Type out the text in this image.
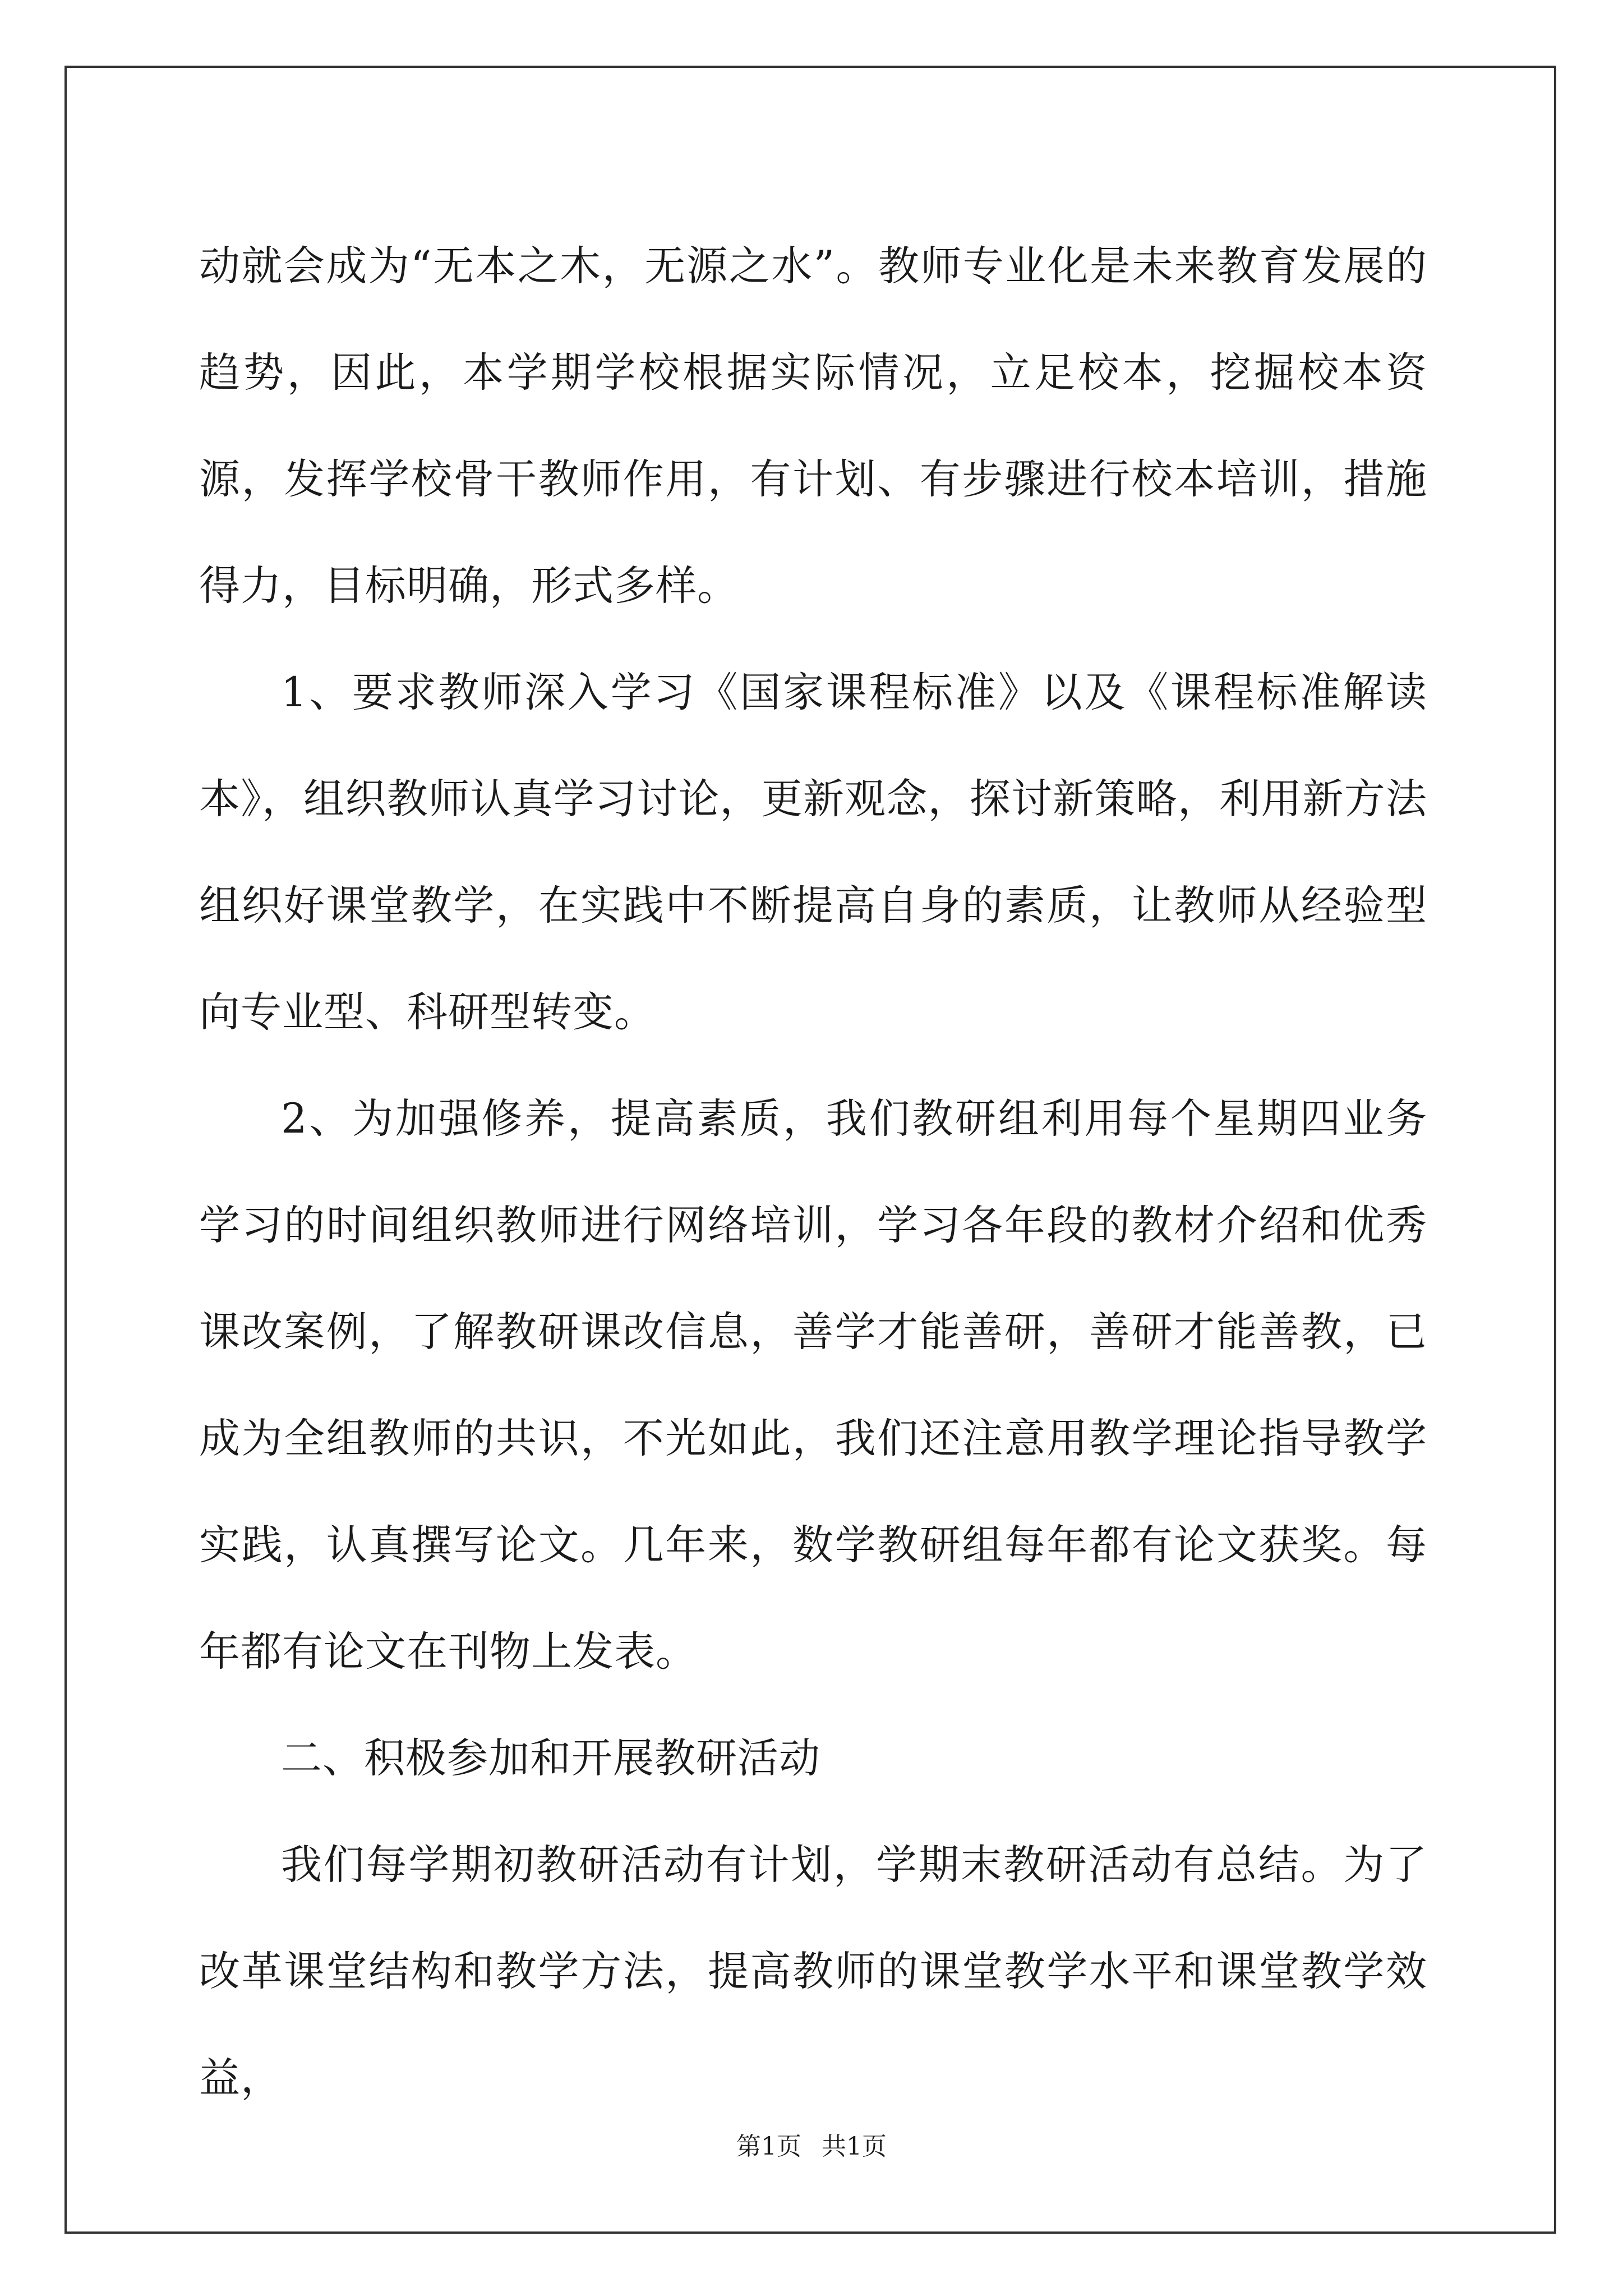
动就会成为“无本之木，无源之水”。教师专业化是未来教育发展的趋势，因此，本学期学校根据实际情况，立足校本，挖掘校本资源，发挥学校骨干教师作用，有计划、有步骤进行校本培训，措施得力，目标明确，形式多样。

1、要求教师深入学习《国家课程标准》以及《课程标准解读本》，组织教师认真学习讨论，更新观念，探讨新策略，利用新方法组织好课堂教学，在实践中不断提高自身的素质，让教师从经验型向专业型、科研型转变。

2、为加强修养，提高素质，我们教研组利用每个星期四业务学习的时间组织教师进行网络培训，学习各年段的教材介绍和优秀课改案例，了解教研课改信息，善学才能善研，善研才能善教，已成为全组教师的共识，不光如此，我们还注意用教学理论指导教学实践，认真撰写论文。几年来，数学教研组每年都有论文获奖。每年都有论文在刊物上发表。

二、积极参加和开展教研活动

我们每学期初教研活动有计划，学期末教研活动有总结。为了改革课堂结构和教学方法，提高教师的课堂教学水平和课堂教学效益，

第1页 共1页
